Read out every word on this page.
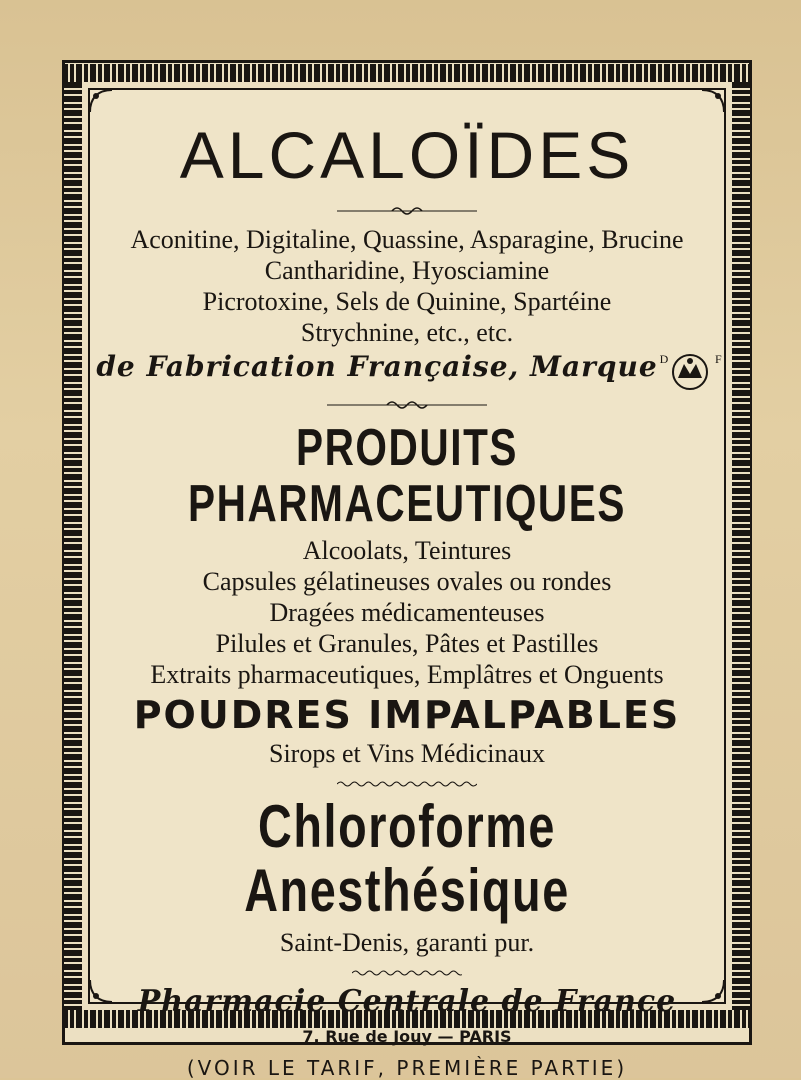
ALCALOÏDES
Aconitine, Digitaline, Quassine, Asparagine, Brucine
Cantharidine, Hyosciamine
Picrotoxine, Sels de Quinine, Spartéine
Strychnine, etc., etc.
de Fabrication Française, Marque D	F
PRODUITS PHARMACEUTIQUES
Alcoolats, Teintures
Capsules gélatineuses ovales ou rondes
Dragées médicamenteuses
Pilules et Granules, Pâtes et Pastilles
Extraits pharmaceutiques, Emplâtres et Onguents
POUDRES IMPALPABLES
Sirops et Vins Médicinaux
Chloroforme Anesthésique
Saint-Denis, garanti pur.
Pharmacie Centrale de France
7, Rue de Jouy — PARIS
(VOIR LE TARIF, PREMIÈRE PARTIE)
